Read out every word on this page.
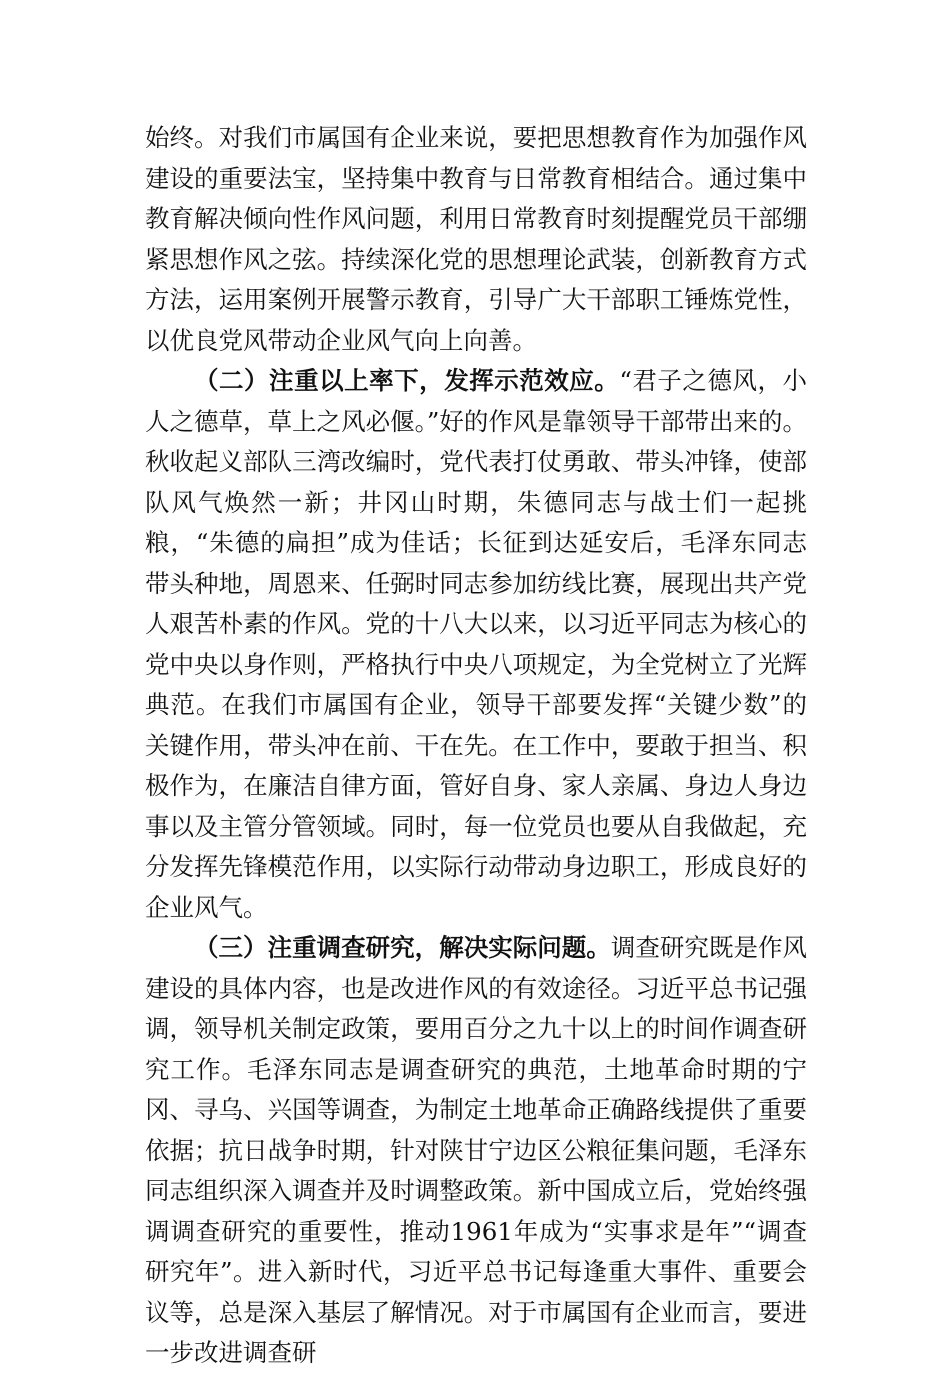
始终。对我们市属国有企业来说，要把思想教育作为加强作风建设的重要法宝，坚持集中教育与日常教育相结合。通过集中教育解决倾向性作风问题，利用日常教育时刻提醒党员干部绷紧思想作风之弦。持续深化党的思想理论武装，创新教育方式方法，运用案例开展警示教育，引导广大干部职工锤炼党性，以优良党风带动企业风气向上向善。

（二）注重以上率下，发挥示范效应。“君子之德风，小人之德草，草上之风必偃。”好的作风是靠领导干部带出来的。秋收起义部队三湾改编时，党代表打仗勇敢、带头冲锋，使部队风气焕然一新；井冈山时期，朱德同志与战士们一起挑粮，“朱德的扁担”成为佳话；长征到达延安后，毛泽东同志带头种地，周恩来、任弼时同志参加纺线比赛，展现出共产党人艰苦朴素的作风。党的十八大以来，以习近平同志为核心的党中央以身作则，严格执行中央八项规定，为全党树立了光辉典范。在我们市属国有企业，领导干部要发挥“关键少数”的关键作用，带头冲在前、干在先。在工作中，要敢于担当、积极作为，在廉洁自律方面，管好自身、家人亲属、身边人身边事以及主管分管领域。同时，每一位党员也要从自我做起，充分发挥先锋模范作用，以实际行动带动身边职工，形成良好的企业风气。

（三）注重调查研究，解决实际问题。调查研究既是作风建设的具体内容，也是改进作风的有效途径。习近平总书记强调，领导机关制定政策，要用百分之九十以上的时间作调查研究工作。毛泽东同志是调查研究的典范，土地革命时期的宁冈、寻乌、兴国等调查，为制定土地革命正确路线提供了重要依据；抗日战争时期，针对陕甘宁边区公粮征集问题，毛泽东同志组织深入调查并及时调整政策。新中国成立后，党始终强调调查研究的重要性，推动1961年成为“实事求是年”“调查研究年”。进入新时代，习近平总书记每逢重大事件、重要会议等，总是深入基层了解情况。对于市属国有企业而言，要进一步改进调查研
